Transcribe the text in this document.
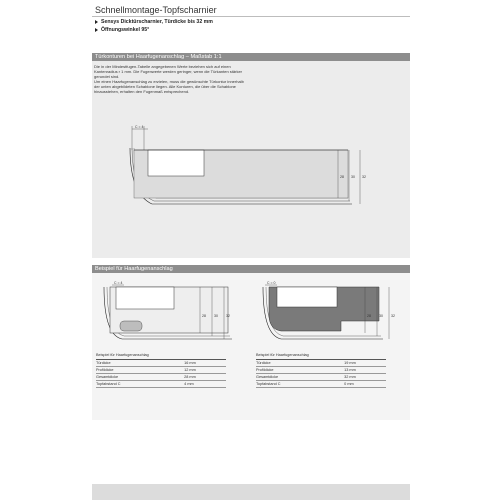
Schnellmontage-Topfscharnier
Sensys Dicktürscharnier, Türdicke bis 32 mm
Öffnungswinkel 95°
Türkonturen bei Haarfugenanschlag – Maßstab 1:1

Die in der Mindestfugen-Tabelle angegebenen Werte beziehen sich auf einen Kantenradius r 1 mm. Die Fugenwerte werden geringer, wenn die Türkanten stärker gerundet sind.

Um einen Haarfugenanschlag zu erzielen, muss die gewünschte Türkontur innerhalb der unten abgebildeten Schablone liegen. Alle Konturen, die über die Schablone hinausstehen, erhalten den Fugenmaß entsprechend.

C = 4
28 30 32
Beispiel für Haarfugenanschlag
C = 4
28 30 32
C = 0
28 30 32
Beispiel für Haarfugenanschlag	
Türdicke	16 mm
Profildicke	12 mm
Gesamtdicke	28 mm
Topfabstand C	4 mm
Beispiel für Haarfugenanschlag	
Türdicke	19 mm
Profildicke	13 mm
Gesamtdicke	32 mm
Topfabstand C	0 mm
